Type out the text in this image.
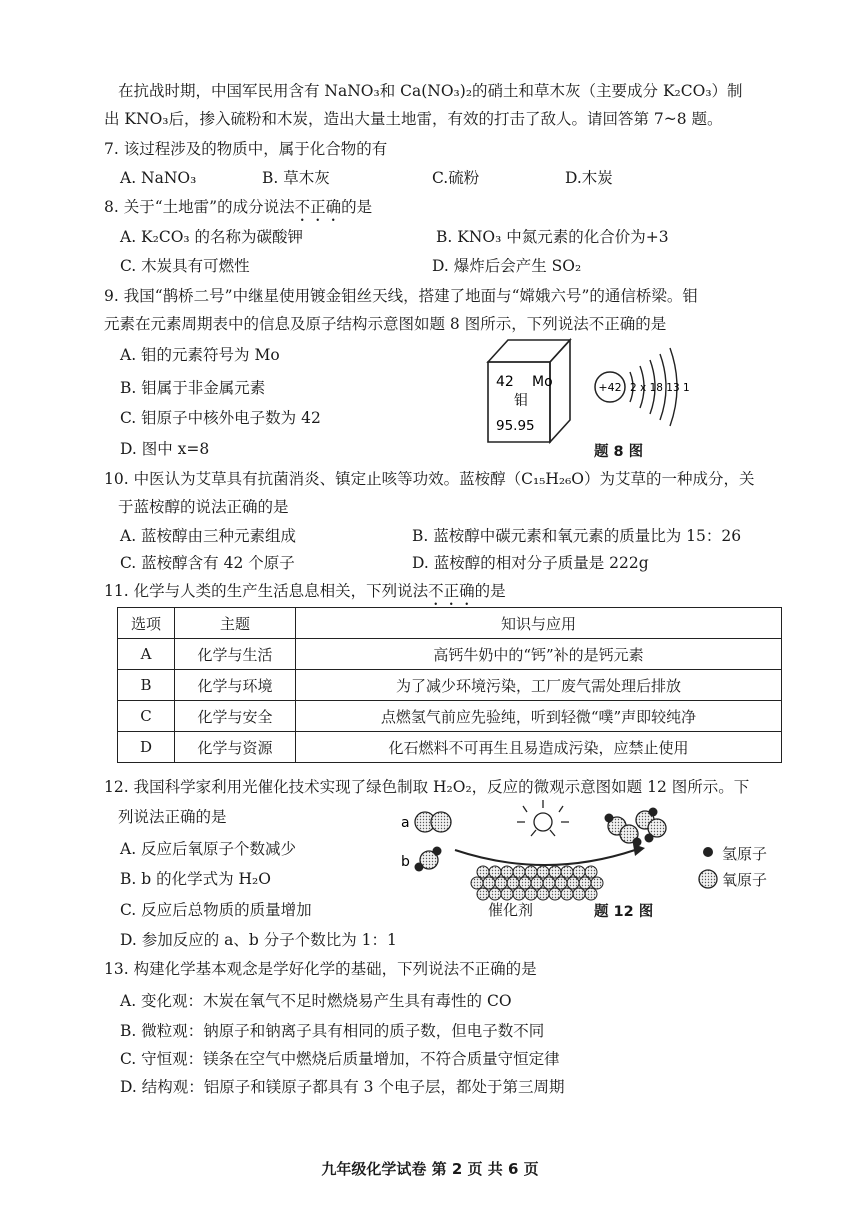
在抗战时期，中国军民用含有 NaNO₃和 Ca(NO₃)₂的硝土和草木灰（主要成分 K₂CO₃）制
出 KNO₃后，掺入硫粉和木炭，造出大量土地雷，有效的打击了敌人。请回答第 7~8 题。
7. 该过程涉及的物质中，属于化合物的有
A. NaNO₃	B. 草木灰	C.硫粉	D.木炭
8. 关于“土地雷”的成分说法不正确的是
A. K₂CO₃ 的名称为碳酸钾	B. KNO₃ 中氮元素的化合价为+3
C. 木炭具有可燃性	D. 爆炸后会产生 SO₂
9. 我国“鹊桥二号”中继星使用镀金钼丝天线，搭建了地面与“嫦娥六号”的通信桥梁。钼
元素在元素周期表中的信息及原子结构示意图如题 8 图所示，下列说法不正确的是
A. 钼的元素符号为 Mo
B. 钼属于非金属元素
C. 钼原子中核外电子数为 42
D. 图中 x=8
42 Mo
钼
95.95
+42 2 x 18 13 1
题 8 图
10. 中医认为艾草具有抗菌消炎、镇定止咳等功效。蓝桉醇（C₁₅H₂₆O）为艾草的一种成分，关
于蓝桉醇的说法正确的是
A. 蓝桉醇由三种元素组成	B. 蓝桉醇中碳元素和氧元素的质量比为 15：26
C. 蓝桉醇含有 42 个原子	D. 蓝桉醇的相对分子质量是 222g
11. 化学与人类的生产生活息息相关，下列说法不正确的是
选项	主题	知识与应用
A	化学与生活	高钙牛奶中的“钙”补的是钙元素
B	化学与环境	为了减少环境污染，工厂废气需处理后排放
C	化学与安全	点燃氢气前应先验纯，听到轻微“噗”声即较纯净
D	化学与资源	化石燃料不可再生且易造成污染，应禁止使用
12. 我国科学家利用光催化技术实现了绿色制取 H₂O₂，反应的微观示意图如题 12 图所示。下
列说法正确的是
A. 反应后氧原子个数减少
B. b 的化学式为 H₂O
C. 反应后总物质的质量增加
D. 参加反应的 a、b 分子个数比为 1：1
a
b	氢原子
氧原子
催化剂	题 12 图
13. 构建化学基本观念是学好化学的基础，下列说法不正确的是
A. 变化观：木炭在氧气不足时燃烧易产生具有毒性的 CO
B. 微粒观：钠原子和钠离子具有相同的质子数，但电子数不同
C. 守恒观：镁条在空气中燃烧后质量增加，不符合质量守恒定律
D. 结构观：铝原子和镁原子都具有 3 个电子层，都处于第三周期
九年级化学试卷 第 2 页 共 6 页
